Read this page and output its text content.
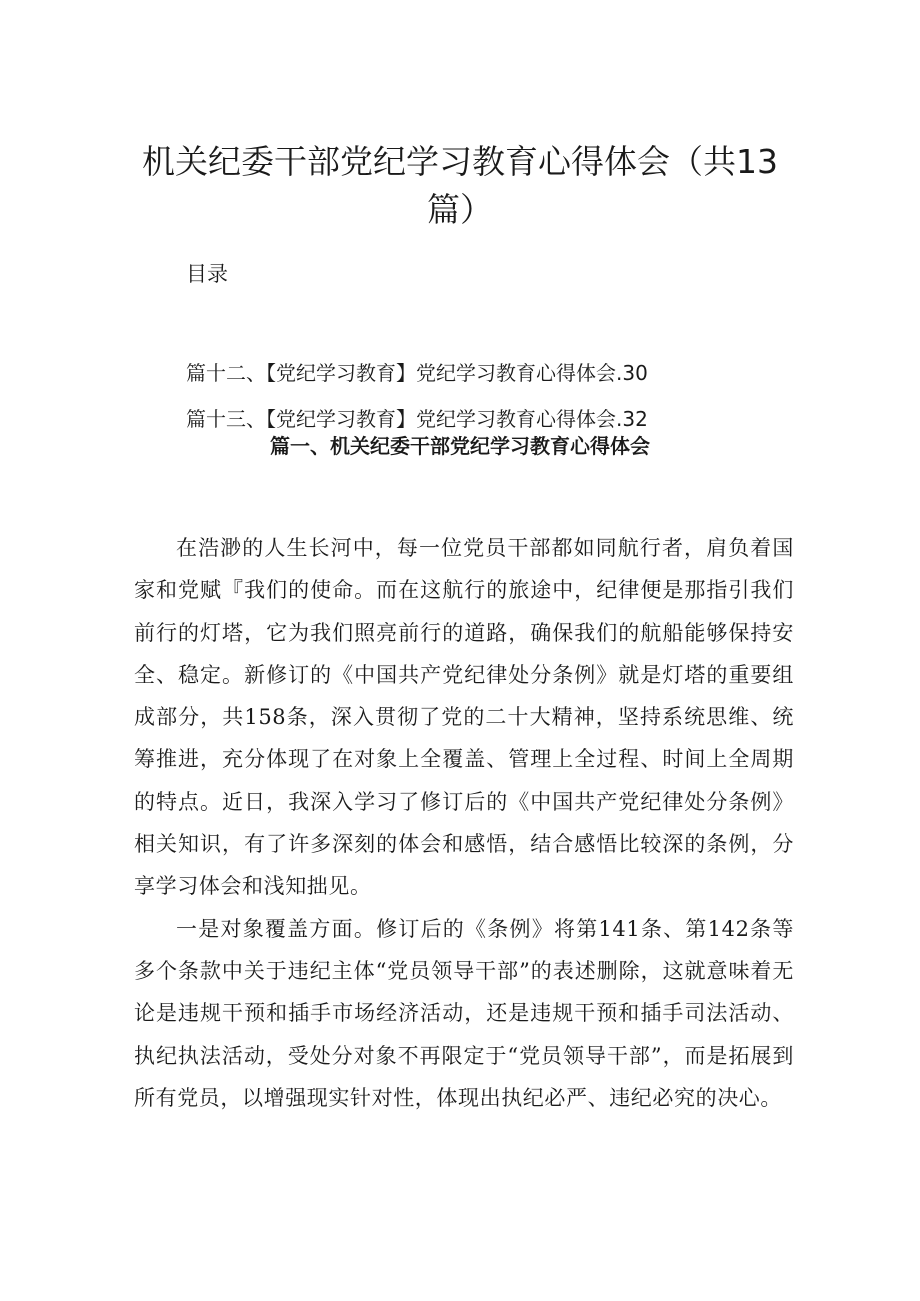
机关纪委干部党纪学习教育心得体会（共13篇）
目录
篇十二、【党纪学习教育】党纪学习教育心得体会.30
篇十三、【党纪学习教育】党纪学习教育心得体会.32
篇一、机关纪委干部党纪学习教育心得体会

在浩渺的人生长河中，每一位党员干部都如同航行者，肩负着国家和党赋『我们的使命。而在这航行的旅途中，纪律便是那指引我们前行的灯塔，它为我们照亮前行的道路，确保我们的航船能够保持安全、稳定。新修订的《中国共产党纪律处分条例》就是灯塔的重要组成部分，共158条，深入贯彻了党的二十大精神，坚持系统思维、统筹推进，充分体现了在对象上全覆盖、管理上全过程、时间上全周期的特点。近日，我深入学习了修订后的《中国共产党纪律处分条例》相关知识，有了许多深刻的体会和感悟，结合感悟比较深的条例，分享学习体会和浅知拙见。

一是对象覆盖方面。修订后的《条例》将第141条、第142条等多个条款中关于违纪主体“党员领导干部”的表述删除，这就意味着无论是违规干预和插手市场经济活动，还是违规干预和插手司法活动、执纪执法活动，受处分对象不再限定于“党员领导干部”，而是拓展到所有党员，以增强现实针对性，体现出执纪必严、违纪必究的决心。
